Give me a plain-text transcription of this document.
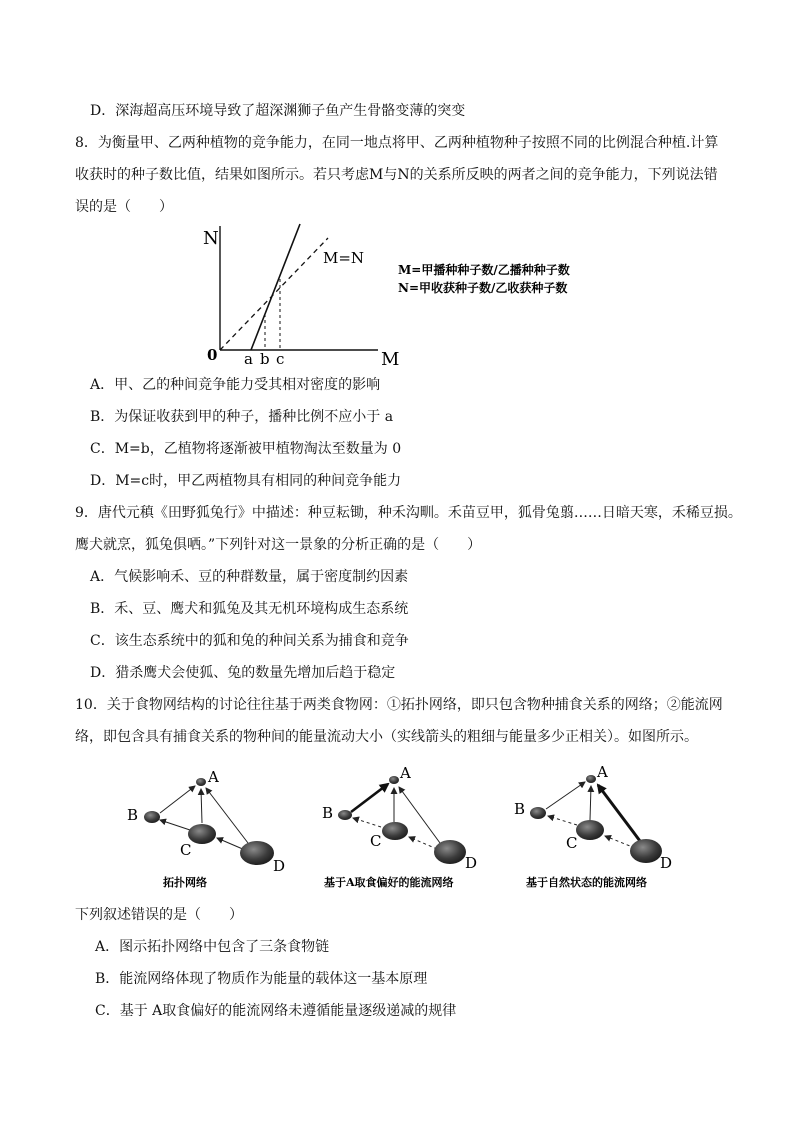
D．深海超高压环境导致了超深渊狮子鱼产生骨骼变薄的突变
8．为衡量甲、乙两种植物的竞争能力，在同一地点将甲、乙两种植物种子按照不同的比例混合种植.计算
收获时的种子数比值，结果如图所示。若只考虑M与N的关系所反映的两者之间的竞争能力，下列说法错
误的是（　　）
N
M
0 a b c
M=N
M=甲播种种子数/乙播种种子数
N=甲收获种子数/乙收获种子数
A．甲、乙的种间竞争能力受其相对密度的影响
B．为保证收获到甲的种子，播种比例不应小于 a
C．M=b，乙植物将逐渐被甲植物淘汰至数量为 0
D．M=c时，甲乙两植物具有相同的种间竞争能力
9．唐代元稹《田野狐兔行》中描述：种豆耘锄，种禾沟甽。禾苗豆甲，狐骨兔翦……日暗天寒，禾稀豆损。
鹰犬就烹，狐兔俱哂。”下列针对这一景象的分析正确的是（　　）
A．气候影响禾、豆的种群数量，属于密度制约因素
B．禾、豆、鹰犬和狐兔及其无机环境构成生态系统
C．该生态系统中的狐和兔的种间关系为捕食和竞争
D．猎杀鹰犬会使狐、兔的数量先增加后趋于稳定
10．关于食物网结构的讨论往往基于两类食物网：①拓扑网络，即只包含物种捕食关系的网络；②能流网
络，即包含具有捕食关系的物种间的能量流动大小（实线箭头的粗细与能量多少正相关）。如图所示。
A
B
C
D
拓扑网络
A
B
C
D
基于A取食偏好的能流网络
A
B
C
D
基于自然状态的能流网络
下列叙述错误的是（　　）
A．图示拓扑网络中包含了三条食物链
B．能流网络体现了物质作为能量的载体这一基本原理
C．基于 A取食偏好的能流网络未遵循能量逐级递减的规律
